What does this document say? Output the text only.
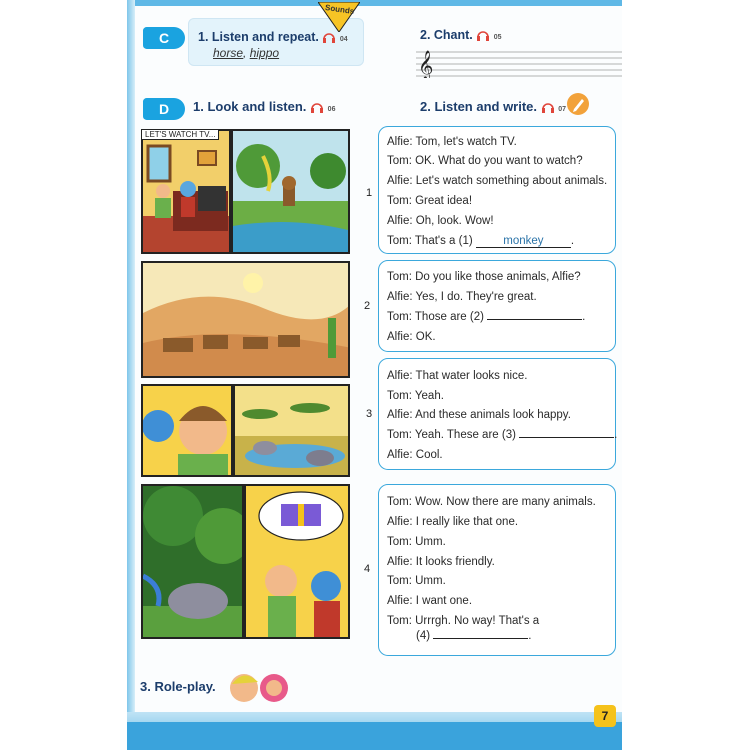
C	1. Listen and repeat.	04
horse, hippo
Sounds
2. Chant.	05
𝄞
D	1. Look and listen.	06	2. Listen and write.	07
LET'S WATCH TV...
1
2
3
4
Alfie: Tom, let's watch TV.
Tom: OK. What do you want to watch?
Alfie: Let's watch something about animals.
Tom: Great idea!
Alfie: Oh, look. Wow!
Tom: That's a (1) monkey .
Tom: Do you like those animals, Alfie?
Alfie: Yes, I do. They're great.
Tom: Those are (2)	.
Alfie: OK.
Alfie: That water looks nice.
Tom: Yeah.
Alfie: And these animals look happy.
Tom: Yeah. These are (3)	.
Alfie: Cool.
Tom: Wow. Now there are many animals.
Alfie: I really like that one.
Tom: Umm.
Alfie: It looks friendly.
Tom: Umm.
Alfie: I want one.
Tom: Urrrgh. No way! That's a
(4)	.
3. Role-play.
7
